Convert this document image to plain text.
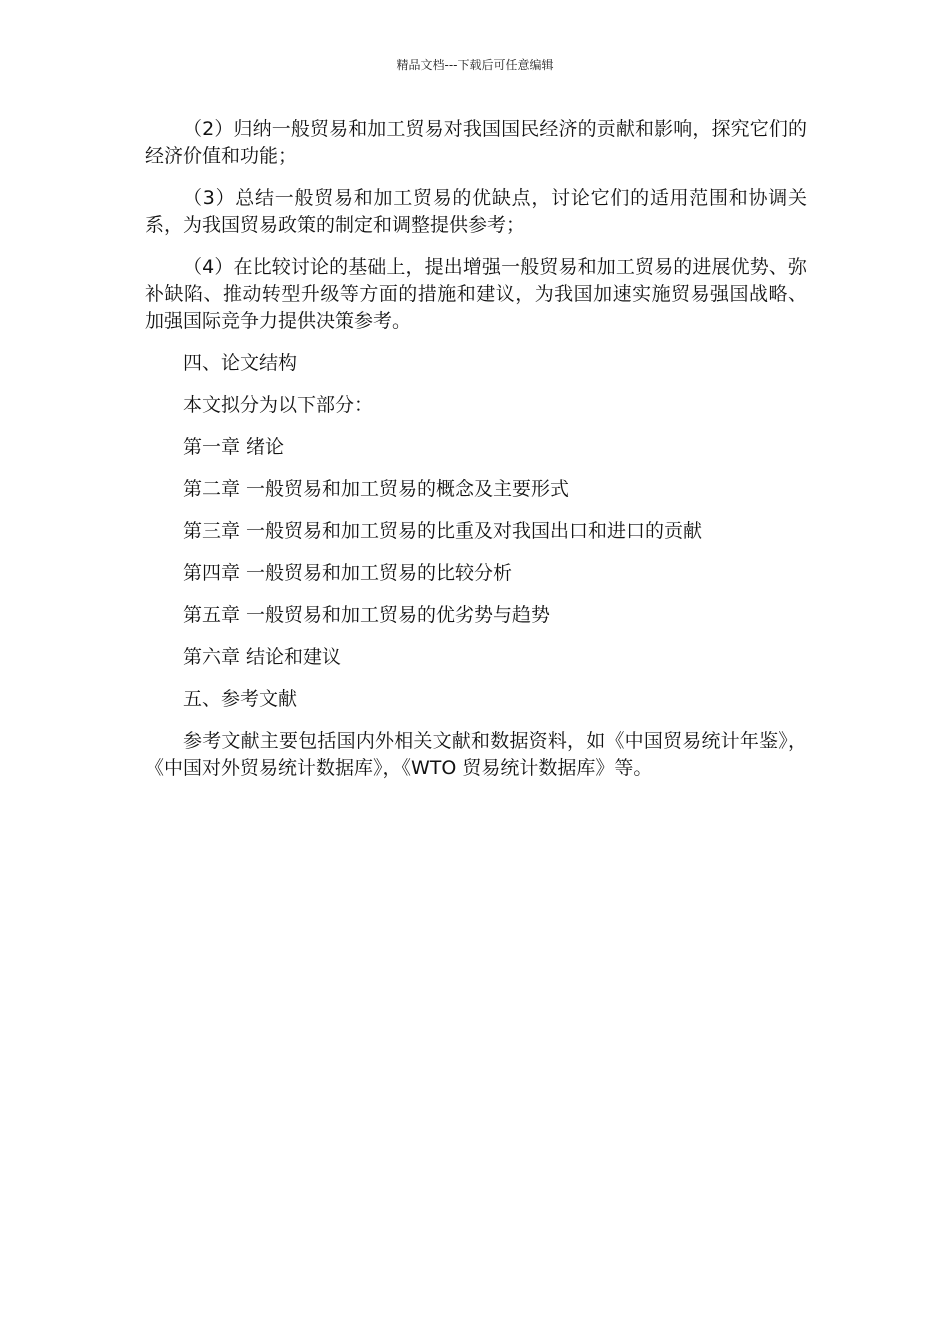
精品文档---下载后可任意编辑

（2）归纳一般贸易和加工贸易对我国国民经济的贡献和影响，探究它们的经济价值和功能；

（3）总结一般贸易和加工贸易的优缺点，讨论它们的适用范围和协调关系，为我国贸易政策的制定和调整提供参考；

（4）在比较讨论的基础上，提出增强一般贸易和加工贸易的进展优势、弥补缺陷、推动转型升级等方面的措施和建议，为我国加速实施贸易强国战略、加强国际竞争力提供决策参考。

四、论文结构

本文拟分为以下部分：

第一章 绪论

第二章 一般贸易和加工贸易的概念及主要形式

第三章 一般贸易和加工贸易的比重及对我国出口和进口的贡献

第四章 一般贸易和加工贸易的比较分析

第五章 一般贸易和加工贸易的优劣势与趋势

第六章 结论和建议

五、参考文献

参考文献主要包括国内外相关文献和数据资料，如《中国贸易统计年鉴》，《中国对外贸易统计数据库》，《WTO 贸易统计数据库》等。
